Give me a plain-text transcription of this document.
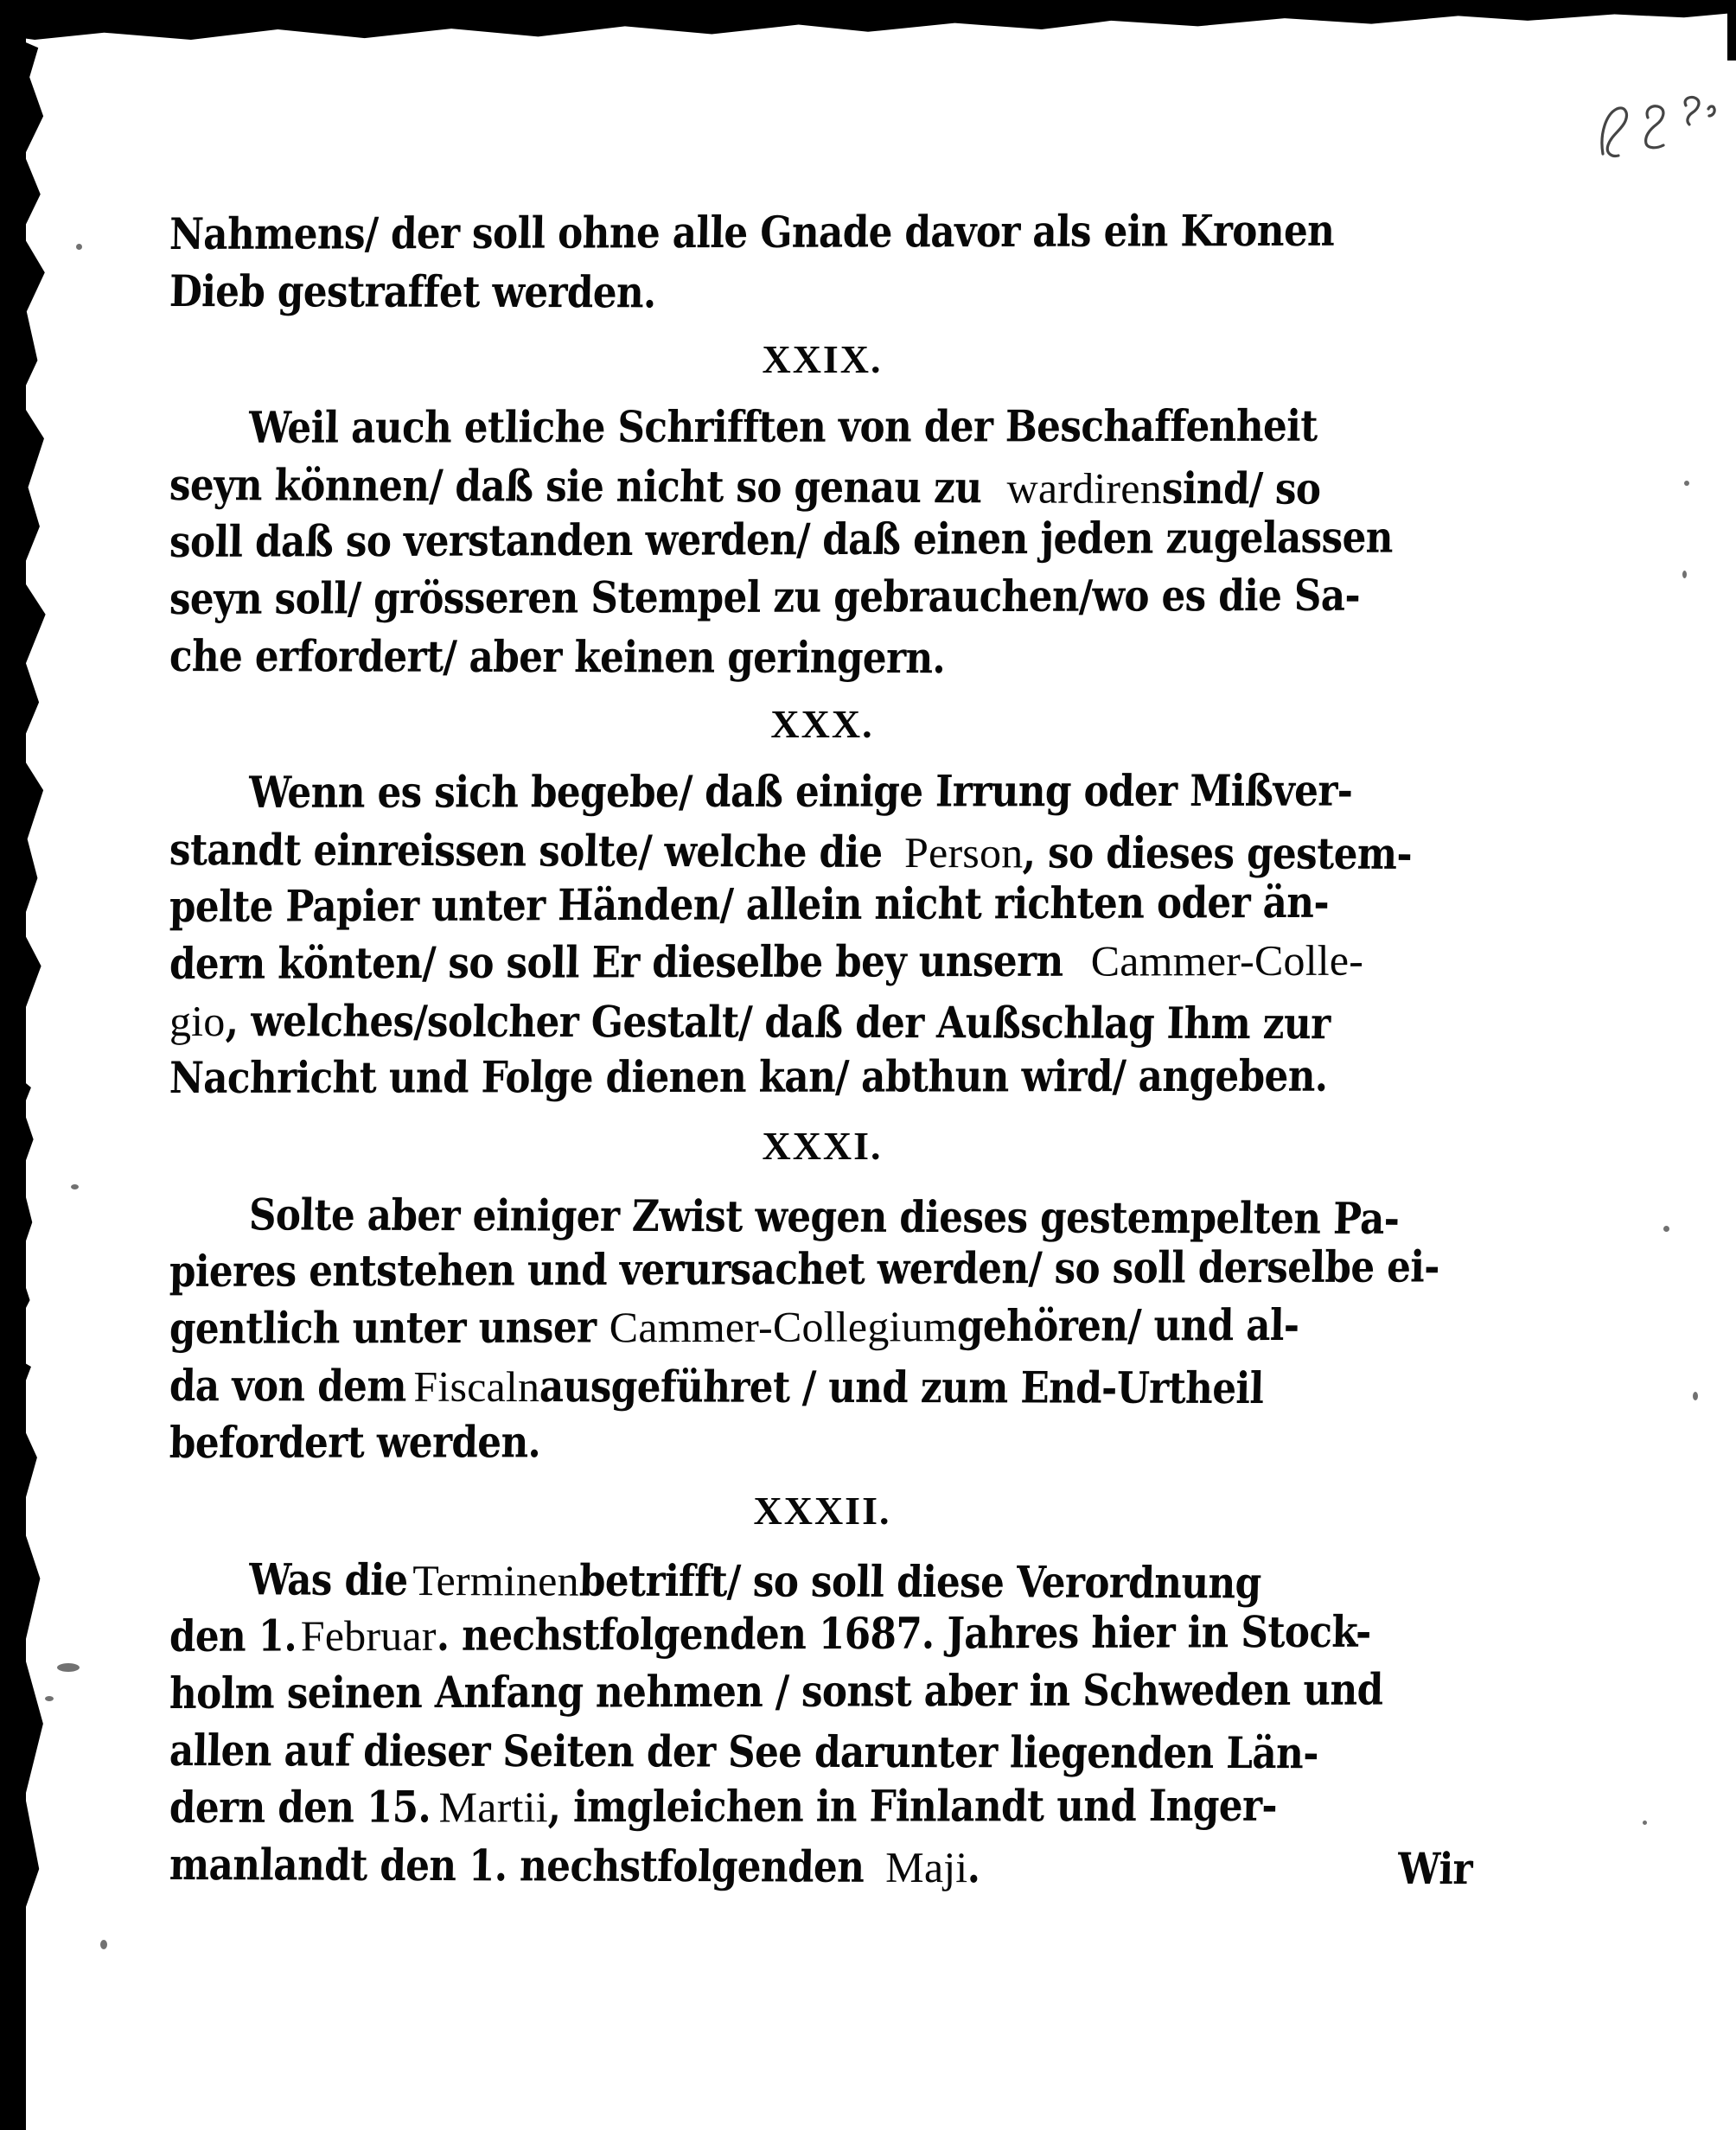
Nahmens/ der soll ohne alle Gnade davor als ein Kronen
Dieb gestraffet werden.
XXIX.
Weil auch etliche Schrifften von der Beschaffenheit
seyn können/ daß sie nicht so genau zuwardirensind/ so
soll daß so verstanden werden/ daß einen jeden zugelassen
seyn soll/ grösseren Stempel zu gebrauchen/wo es die Sa-
che erfordert/ aber keinen geringern.
XXX.
Wenn es sich begebe/ daß einige Irrung oder Mißver-
standt einreissen solte/ welche diePerson, so dieses gestem-
pelte Papier unter Händen/ allein nicht richten oder än-
dern könten/ so soll Er dieselbe bey unsernCammer-Colle-
gio, welches/solcher Gestalt/ daß der Außschlag Ihm zur
Nachricht und Folge dienen kan/ abthun wird/ angeben.
XXXI.
Solte aber einiger Zwist wegen dieses gestempelten Pa-
pieres entstehen und verursachet werden/ so soll derselbe ei-
gentlich unter unserCammer-Collegiumgehören/ und al-
da von demFiscalnausgeführet / und zum End-Urtheil
befordert werden.
XXXII.
Was dieTerminenbetrifft/ so soll diese Verordnung
den 1.Februar. nechstfolgenden 1687. Jahres hier in Stock-
holm seinen Anfang nehmen / sonst aber in Schweden und
allen auf dieser Seiten der See darunter liegenden Län-
dern den 15.Martii, imgleichen in Finlandt und Inger-
manlandt den 1. nechstfolgendenMaji.	Wir
